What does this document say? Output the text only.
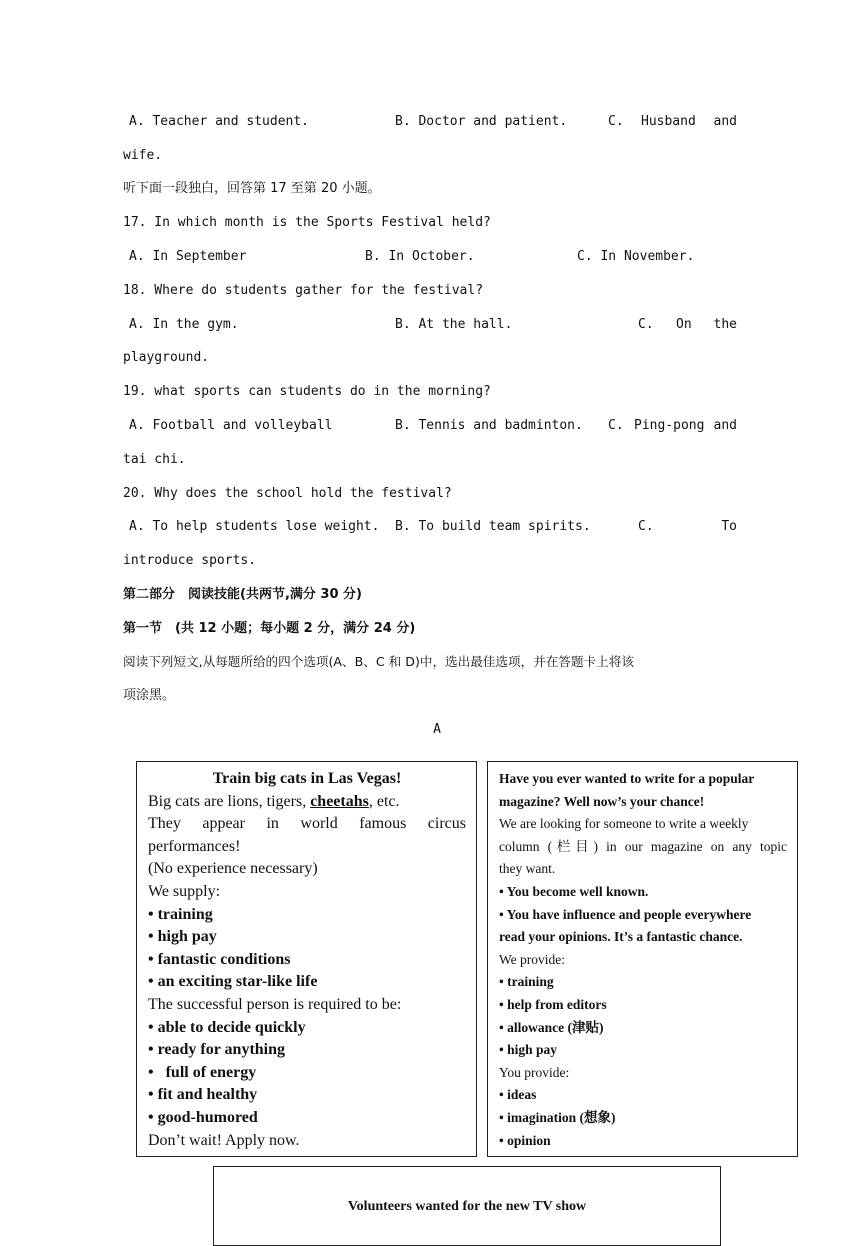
A. Teacher and student.

	B. Doctor and patient.

	C.

Husband

and

wife.
听下面一段独白，回答第 17 至第 20 小题。
17. In which month is the Sports Festival held?

A. In September

	B. In October.

	C. In November.

18. Where do students gather for the festival?

A. In the gym.

	B. At the hall.

	C.

On

the

playground.
19. what sports can students do in the morning?

A. Football and volleyball

	B. Tennis and badminton.

C.

Ping-pong

and

tai chi.
20. Why does the school hold the festival?

A. To help students lose weight.

B. To build team spirits.

	C.

	To

introduce sports.
第二部分　阅读技能(共两节,满分 30 分)
第一节　(共 12 小题；每小题 2 分，满分 24 分)
阅读下列短文,从每题所给的四个选项(A、B、C 和 D)中，选出最佳选项，并在答题卡上将该
项涂黑。
A
Train big cats in Las Vegas!
Big cats are lions, tigers, cheetahs, etc.
They appear in world famous circus
performances!
(No experience necessary)
We supply:
• training
• high pay
• fantastic conditions
• an exciting star-like life
The successful person is required to be:
• able to decide quickly
• ready for anything
•   full of energy
• fit and healthy
• good-humored
Don’t wait! Apply now.
Have you ever wanted to write for a popular
magazine? Well now’s your chance!
We are looking for someone to write a weekly
column (栏目) in our magazine on any topic
they want.
• You become well known.
• You have influence and people everywhere
read your opinions. It’s a fantastic chance.
We provide:
• training
• help from editors
• allowance (津贴)
• high pay
You provide:
• ideas
• imagination (想象)
• opinion
Volunteers wanted for the new TV show
